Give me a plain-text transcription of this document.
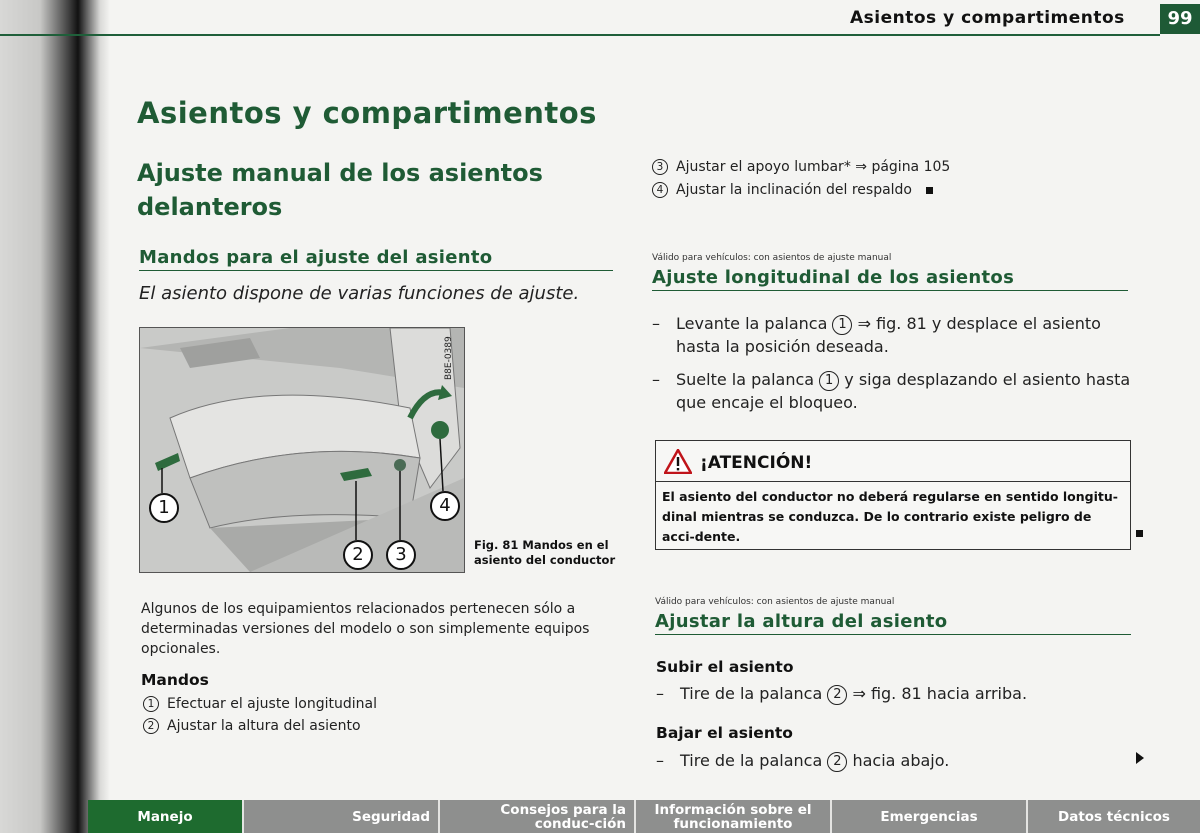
Asientos y compartimentos	99
Asientos y compartimentos
Ajuste manual de los asientos delanteros
Mandos para el ajuste del asiento
El asiento dispone de varias funciones de ajuste.
1
2	3
4
B8E-0389
Fig. 81 Mandos en el asiento del conductor
Algunos de los equipamientos relacionados pertenecen sólo a determinadas versiones del modelo o son simplemente equipos opcionales.
Mandos
1 Efectuar el ajuste longitudinal
2 Ajustar la altura del asiento
3 Ajustar el apoyo lumbar* ⇒ página 105
4 Ajustar la inclinación del respaldo
Válido para vehículos: con asientos de ajuste manual
Ajuste longitudinal de los asientos
– Levante la palanca 1 ⇒ fig. 81 y desplace el asiento
hasta la posición deseada.
– Suelte la palanca 1 y siga desplazando el asiento hasta
que encaje el bloqueo.
¡ATENCIÓN!
El asiento del conductor no deberá regularse en sentido longitu-dinal mientras se conduzca. De lo contrario existe peligro de acci-dente.
Válido para vehículos: con asientos de ajuste manual
Ajustar la altura del asiento
Subir el asiento
– Tire de la palanca 2 ⇒ fig. 81 hacia arriba.
Bajar el asiento
– Tire de la palanca 2 hacia abajo.
Manejo	Seguridad	Consejos para la conduc-ción
Información sobre el funcionamiento	Emergencias	Datos técnicos
